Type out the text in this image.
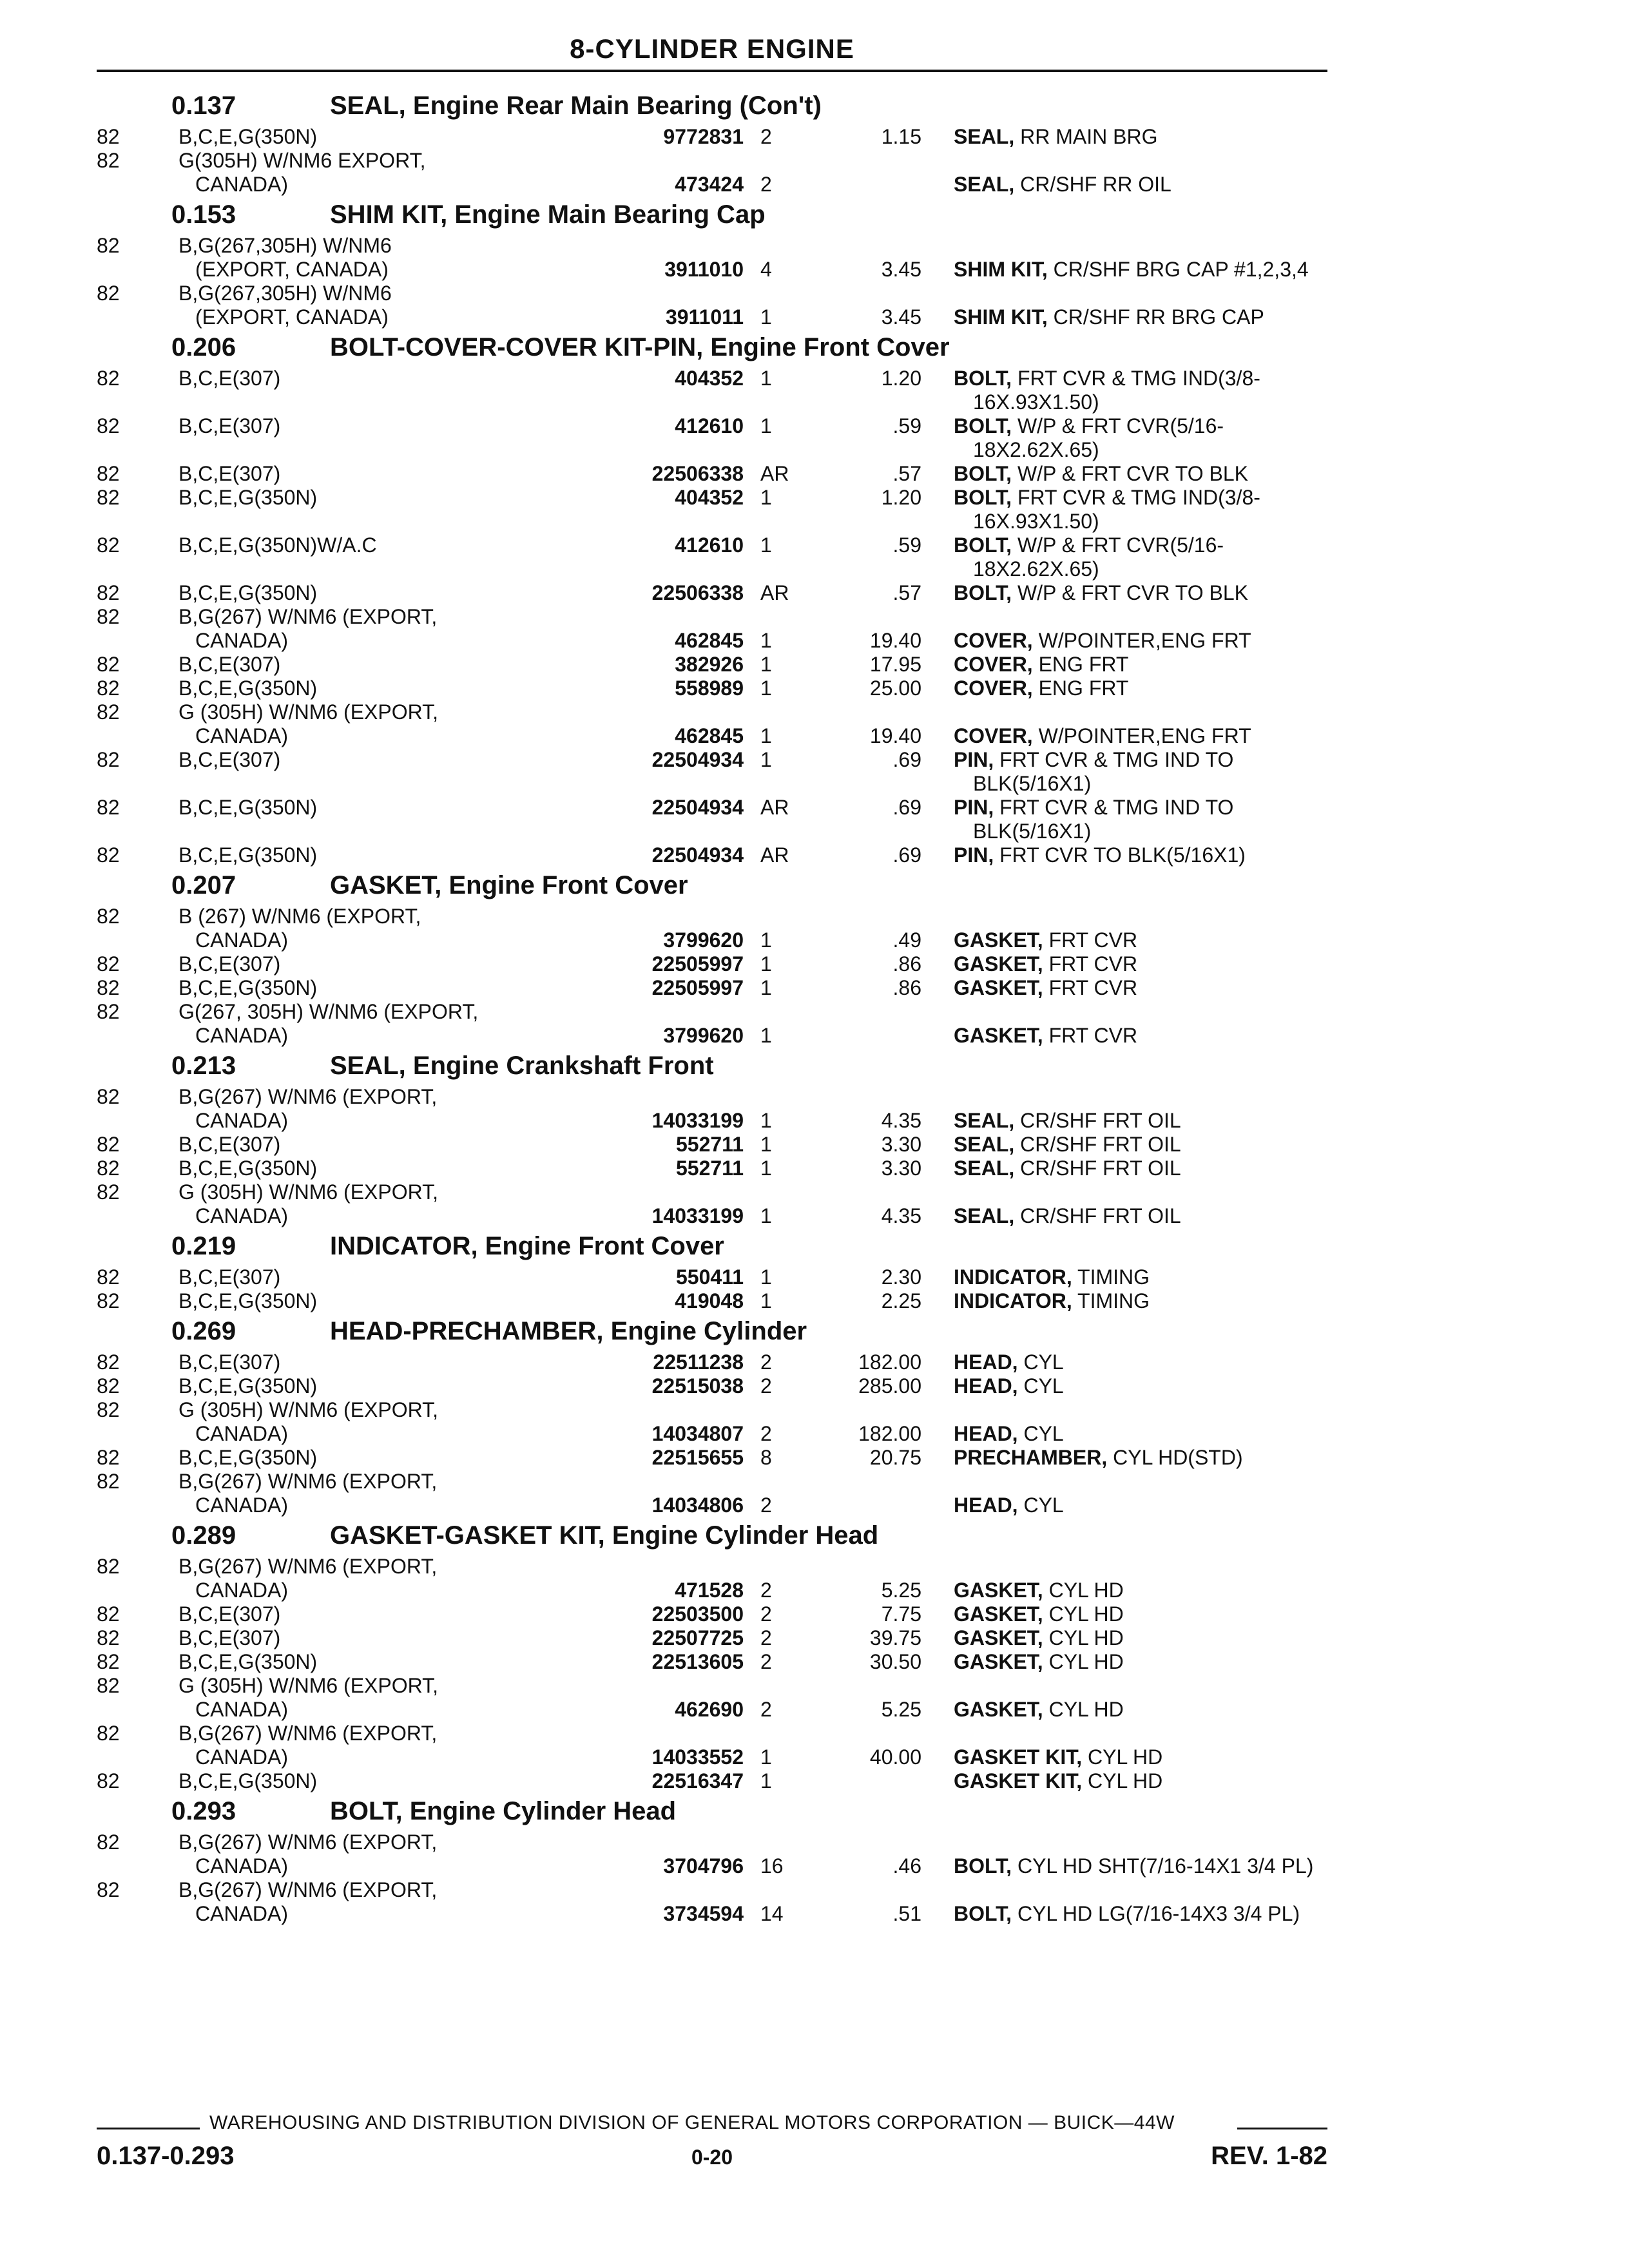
8-CYLINDER ENGINE
0.137	SEAL, Engine Rear Main Bearing (Con't)
82	B,C,E,G(350N)	9772831 2	1.15 SEAL, RR MAIN BRG
82	G(305H) W/NM6 EXPORT,
CANADA)	473424 2	SEAL, CR/SHF RR OIL
0.153	SHIM KIT, Engine Main Bearing Cap
82	B,G(267,305H) W/NM6
(EXPORT, CANADA)	3911010 4	3.45 SHIM KIT, CR/SHF BRG CAP #1,2,3,4
82	B,G(267,305H) W/NM6
(EXPORT, CANADA)	3911011 1	3.45 SHIM KIT, CR/SHF RR BRG CAP
0.206	BOLT-COVER-COVER KIT-PIN, Engine Front Cover
82	B,C,E(307)	404352 1	1.20 BOLT, FRT CVR & TMG IND(3/8-
16X.93X1.50)
82	B,C,E(307)	412610 1	.59 BOLT, W/P & FRT CVR(5/16-
18X2.62X.65)
82	B,C,E(307)	22506338 AR	.57 BOLT, W/P & FRT CVR TO BLK
82	B,C,E,G(350N)	404352 1	1.20 BOLT, FRT CVR & TMG IND(3/8-
16X.93X1.50)
82	B,C,E,G(350N)W/A.C	412610 1	.59 BOLT, W/P & FRT CVR(5/16-
18X2.62X.65)
82	B,C,E,G(350N)	22506338 AR	.57 BOLT, W/P & FRT CVR TO BLK
82	B,G(267) W/NM6 (EXPORT,
CANADA)	462845 1	19.40 COVER, W/POINTER,ENG FRT
82	B,C,E(307)	382926 1	17.95 COVER, ENG FRT
82	B,C,E,G(350N)	558989 1	25.00 COVER, ENG FRT
82	G (305H) W/NM6 (EXPORT,
CANADA)	462845 1	19.40 COVER, W/POINTER,ENG FRT
82	B,C,E(307)	22504934 1	.69 PIN, FRT CVR & TMG IND TO
BLK(5/16X1)
82	B,C,E,G(350N)	22504934 AR	.69 PIN, FRT CVR & TMG IND TO
BLK(5/16X1)
82	B,C,E,G(350N)	22504934 AR	.69 PIN, FRT CVR TO BLK(5/16X1)
0.207	GASKET, Engine Front Cover
82	B (267) W/NM6 (EXPORT,
CANADA)	3799620 1	.49 GASKET, FRT CVR
82	B,C,E(307)	22505997 1	.86 GASKET, FRT CVR
82	B,C,E,G(350N)	22505997 1	.86 GASKET, FRT CVR
82	G(267, 305H) W/NM6 (EXPORT,
CANADA)	3799620 1	GASKET, FRT CVR
0.213	SEAL, Engine Crankshaft Front
82	B,G(267) W/NM6 (EXPORT,
CANADA)	14033199 1	4.35 SEAL, CR/SHF FRT OIL
82	B,C,E(307)	552711 1	3.30 SEAL, CR/SHF FRT OIL
82	B,C,E,G(350N)	552711 1	3.30 SEAL, CR/SHF FRT OIL
82	G (305H) W/NM6 (EXPORT,
CANADA)	14033199 1	4.35 SEAL, CR/SHF FRT OIL
0.219	INDICATOR, Engine Front Cover
82	B,C,E(307)	550411 1	2.30 INDICATOR, TIMING
82	B,C,E,G(350N)	419048 1	2.25 INDICATOR, TIMING
0.269	HEAD-PRECHAMBER, Engine Cylinder
82	B,C,E(307)	22511238 2	182.00 HEAD, CYL
82	B,C,E,G(350N)	22515038 2	285.00 HEAD, CYL
82	G (305H) W/NM6 (EXPORT,
CANADA)	14034807 2	182.00 HEAD, CYL
82	B,C,E,G(350N)	22515655 8	20.75 PRECHAMBER, CYL HD(STD)
82	B,G(267) W/NM6 (EXPORT,
CANADA)	14034806 2	HEAD, CYL
0.289	GASKET-GASKET KIT, Engine Cylinder Head
82	B,G(267) W/NM6 (EXPORT,
CANADA)	471528 2	5.25 GASKET, CYL HD
82	B,C,E(307)	22503500 2	7.75 GASKET, CYL HD
82	B,C,E(307)	22507725 2	39.75 GASKET, CYL HD
82	B,C,E,G(350N)	22513605 2	30.50 GASKET, CYL HD
82	G (305H) W/NM6 (EXPORT,
CANADA)	462690 2	5.25 GASKET, CYL HD
82	B,G(267) W/NM6 (EXPORT,
CANADA)	14033552 1	40.00 GASKET KIT, CYL HD
82	B,C,E,G(350N)	22516347 1	GASKET KIT, CYL HD
0.293	BOLT, Engine Cylinder Head
82	B,G(267) W/NM6 (EXPORT,
CANADA)	3704796 16	.46 BOLT, CYL HD SHT(7/16-14X1 3/4 PL)
82	B,G(267) W/NM6 (EXPORT,
CANADA)	3734594 14	.51 BOLT, CYL HD LG(7/16-14X3 3/4 PL)
WAREHOUSING AND DISTRIBUTION DIVISION OF GENERAL MOTORS CORPORATION — BUICK—44W
0.137-0.293	0-20	REV. 1-82
